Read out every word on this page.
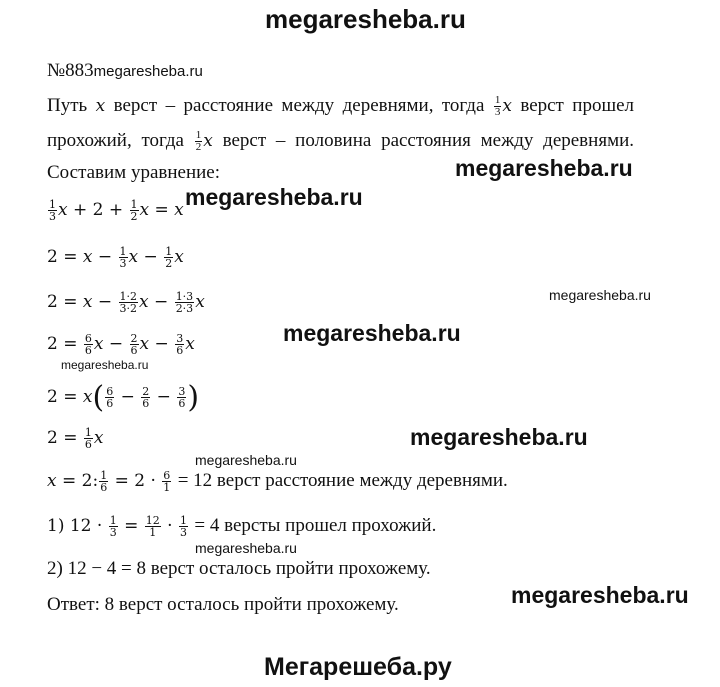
megaresheba.ru
№883megaresheba.ru
Путь x верст – расстояние между деревнями, тогда $\frac{1}{3}$ x верст прошел
прохожий, тогда $\frac{1}{2}$ x верст – половина расстояния между деревнями.
Составим уравнение:	megaresheba.ru
$\frac{1}{3}$ $x + 2 + \frac{1}{2}$ x = x megaresheba.ru
$2 = x - \frac{1}{3}$ $x - \frac{1}{2}$ x
$2 = x - \frac{1\cdot 2}{3\cdot 2}$ $x - \frac{1\cdot 3}{2\cdot 3}$ x	megaresheba.ru
megaresheba.ru
$2 = \frac{6}{6}$ $x - \frac{2}{6}$ $x - \frac{3}{6}$ x
megaresheba.ru
$2 = x( \frac{6}{6} - \frac{2}{6} - \frac{3}{6}$ )
$2 = \frac{1}{6}$ x
megaresheba.ru
megaresheba.ru
x = 2: $\frac{1}{6} = 2 \cdot \frac{6}{1} = 12$ верст расстояние между деревнями.
1) $12 \cdot \frac{1}{3} = \frac{12}{1} \cdot \frac{1}{3} = 4$ версты прошел прохожий.
megaresheba.ru
2) 12 − 4 = 8 верст осталось пройти прохожему.
Ответ: 8 верст осталось пройти прохожему.	megaresheba.ru
Мегарешеба.ру
